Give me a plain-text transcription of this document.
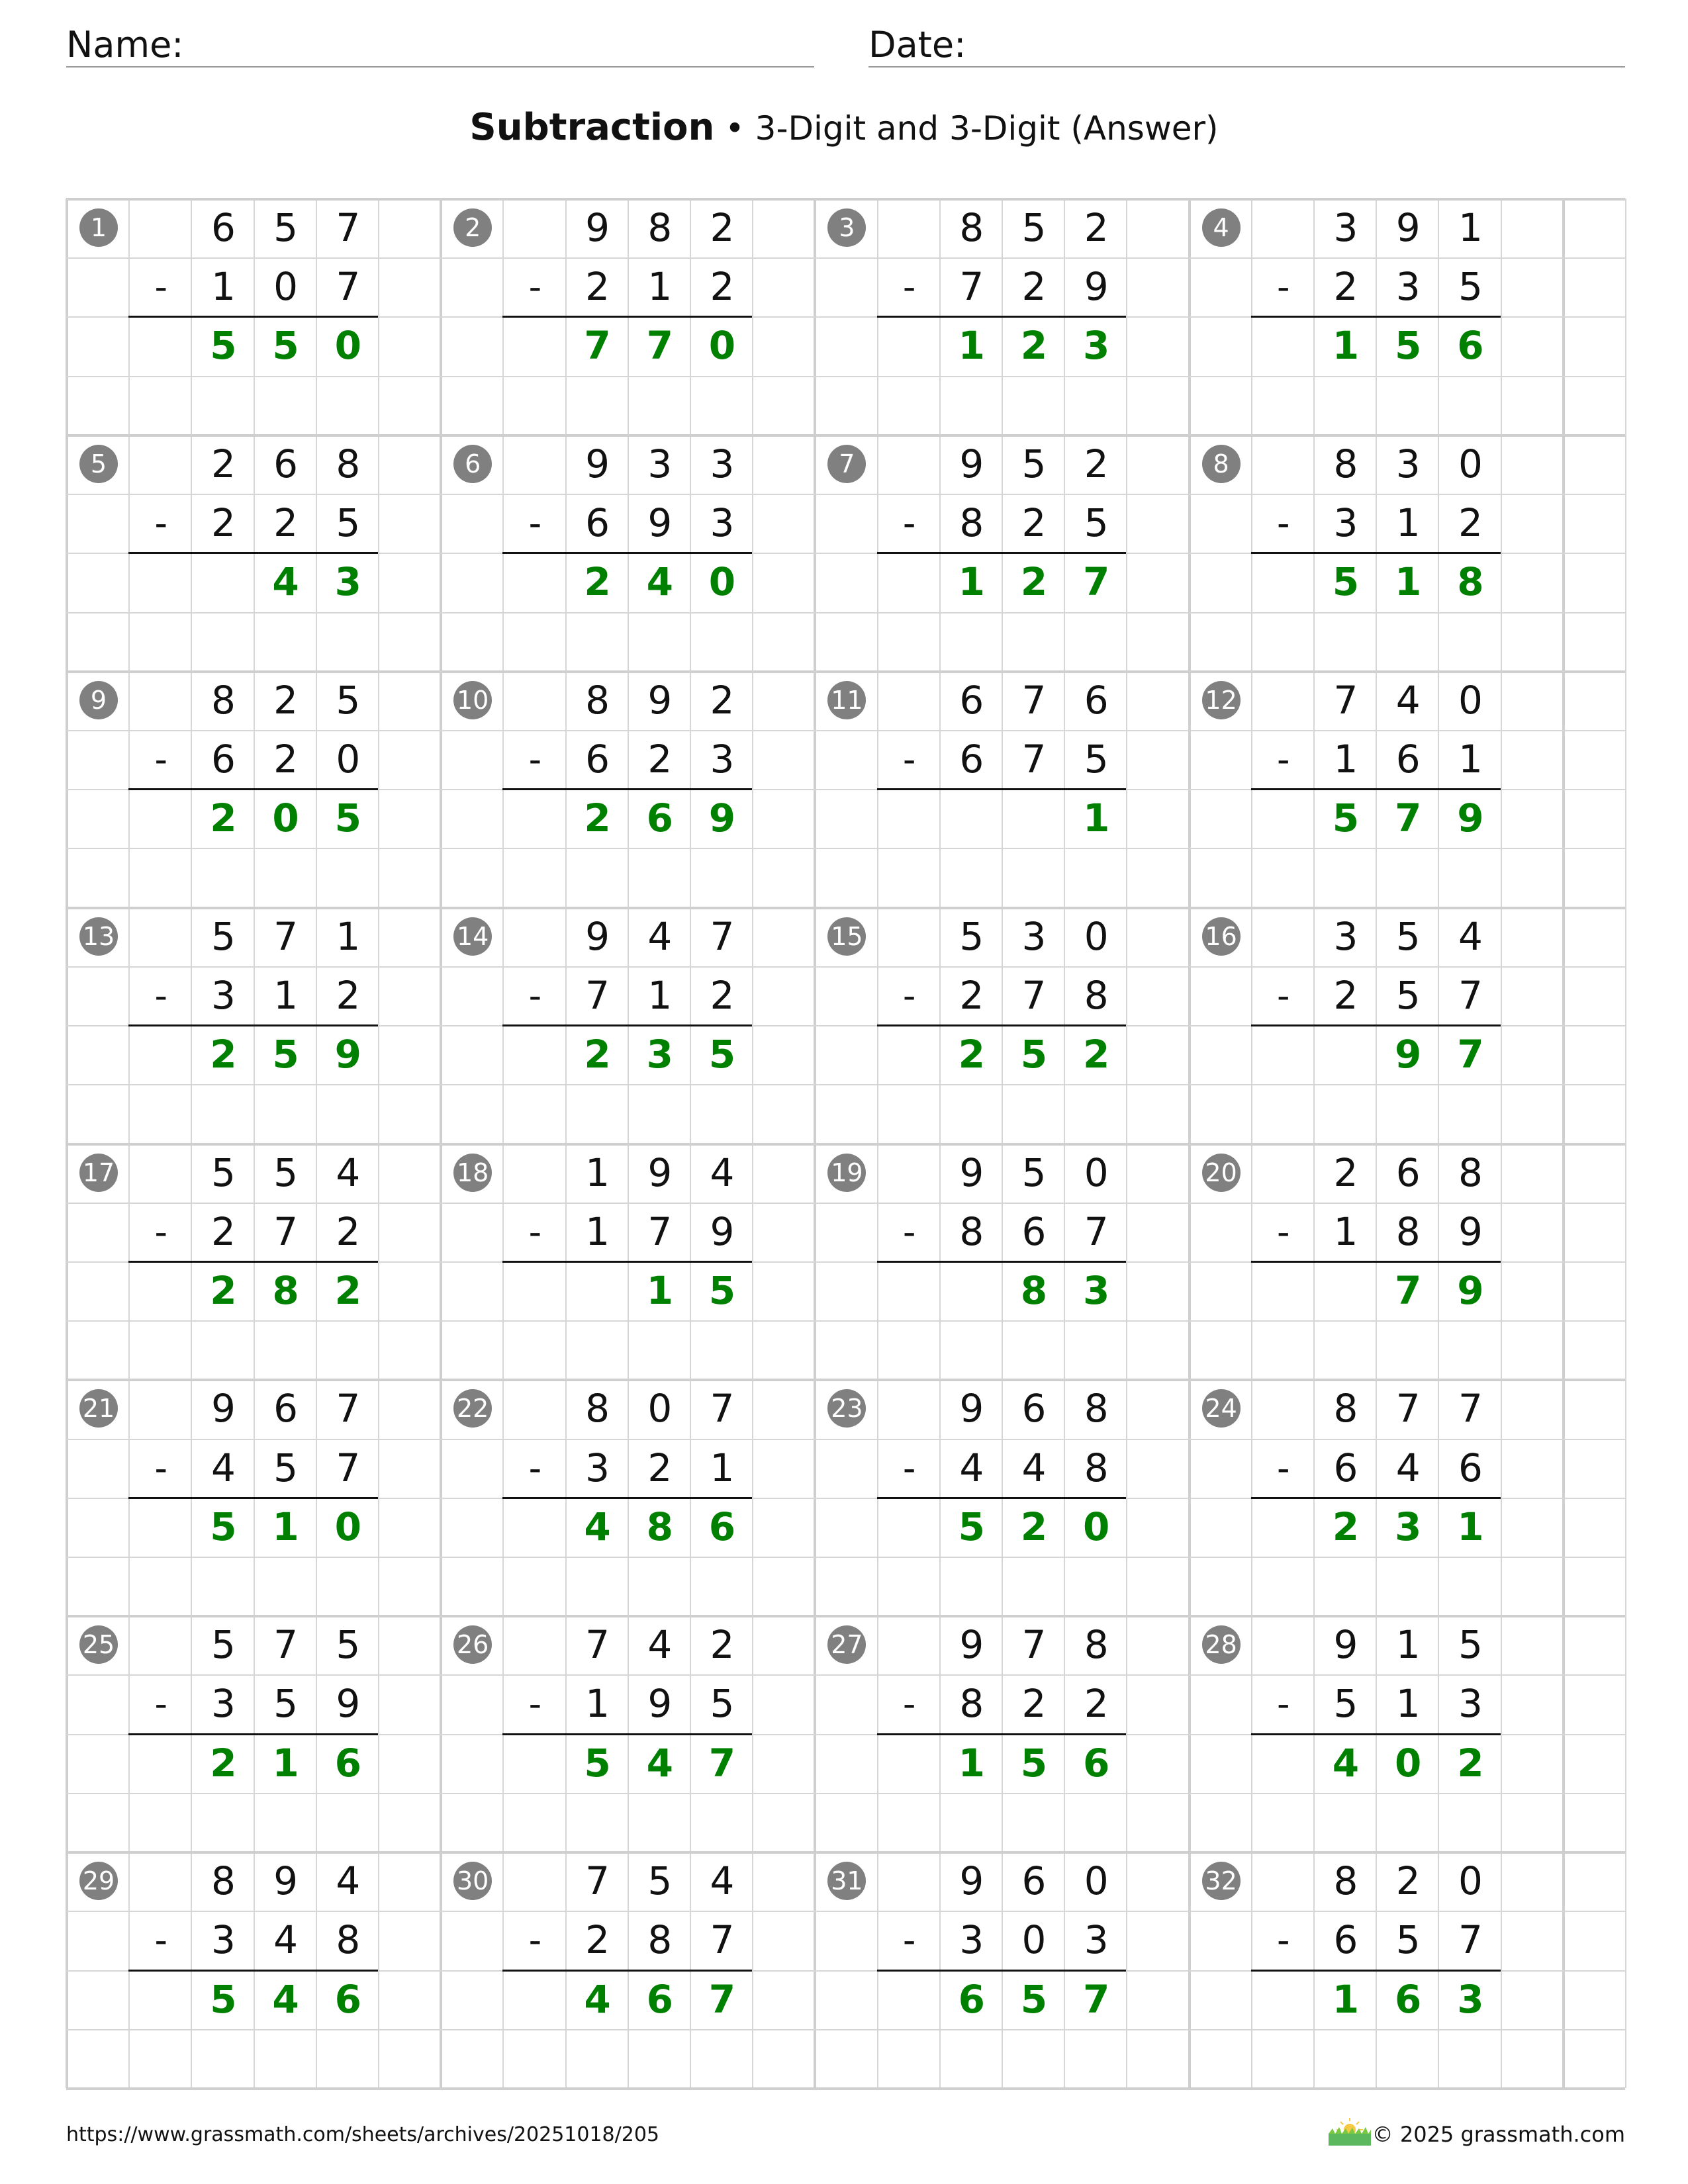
Name:	Date:
Subtraction • 3-Digit and 3-Digit (Answer)
1
-
6 5 7
1 0 7
5 5 0
2
-
9 8 2
2 1 2
7 7 0
3
-
8 5 2
7 2 9
1 2 3
4
-
3 9 1
2 3 5
1 5 6
5
-
2 6 8
2 2 5
4 3
6
-
9 3 3
6 9 3
2 4 0
7
-
9 5 2
8 2 5
1 2 7
8
-
8 3 0
3 1 2
5 1 8
9
-
8 2 5
6 2 0
2 0 5
10
-
8 9 2
6 2 3
2 6 9
11
-
6 7 6
6 7 5
1
12
-
7 4 0
1 6 1
5 7 9
13
-
5 7 1
3 1 2
2 5 9
14
-
9 4 7
7 1 2
2 3 5
15
-
5 3 0
2 7 8
2 5 2
16
-
3 5 4
2 5 7
9 7
17
-
5 5 4
2 7 2
2 8 2
18
-
1 9 4
1 7 9
1 5
19
-
9 5 0
8 6 7
8 3
20
-
2 6 8
1 8 9
7 9
21
-
9 6 7
4 5 7
5 1 0
22
-
8 0 7
3 2 1
4 8 6
23
-
9 6 8
4 4 8
5 2 0
24
-
8 7 7
6 4 6
2 3 1
25
-
5 7 5
3 5 9
2 1 6
26
-
7 4 2
1 9 5
5 4 7
27
-
9 7 8
8 2 2
1 5 6
28
-
9 1 5
5 1 3
4 0 2
29
-
8 9 4
3 4 8
5 4 6
30
-
7 5 4
2 8 7
4 6 7
31
-
9 6 0
3 0 3
6 5 7
32
-
8 2 0
6 5 7
1 6 3
https://www.grassmath.com/sheets/archives/20251018/205	© 2025 grassmath.com
